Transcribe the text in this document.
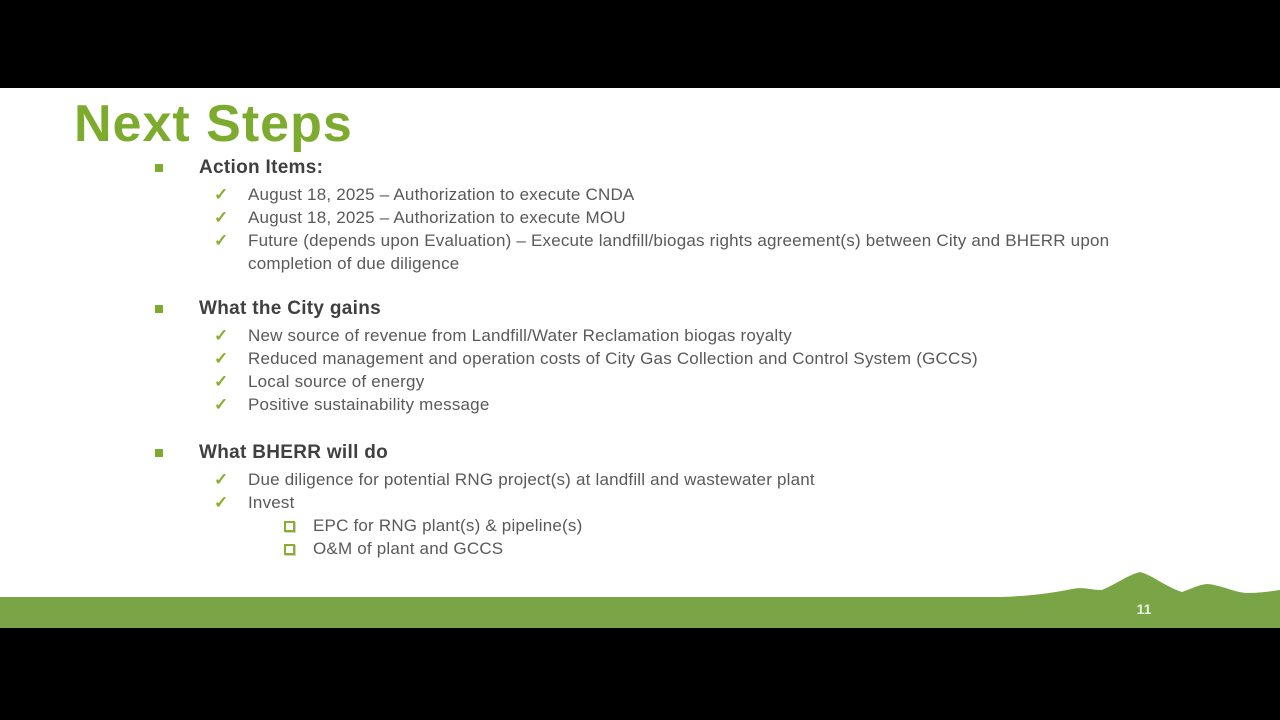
Next Steps
Action Items:
✓ August 18, 2025 – Authorization to execute CNDA
✓ August 18, 2025 – Authorization to execute MOU
✓ Future (depends upon Evaluation) – Execute landfill/biogas rights agreement(s) between City and BHERR upon completion of due diligence
What the City gains
✓ New source of revenue from Landfill/Water Reclamation biogas royalty
✓ Reduced management and operation costs of City Gas Collection and Control System (GCCS)
✓ Local source of energy
✓ Positive sustainability message
What BHERR will do
✓ Due diligence for potential RNG project(s) at landfill and wastewater plant
✓ Invest
EPC for RNG plant(s) & pipeline(s)
O&M of plant and GCCS
11
